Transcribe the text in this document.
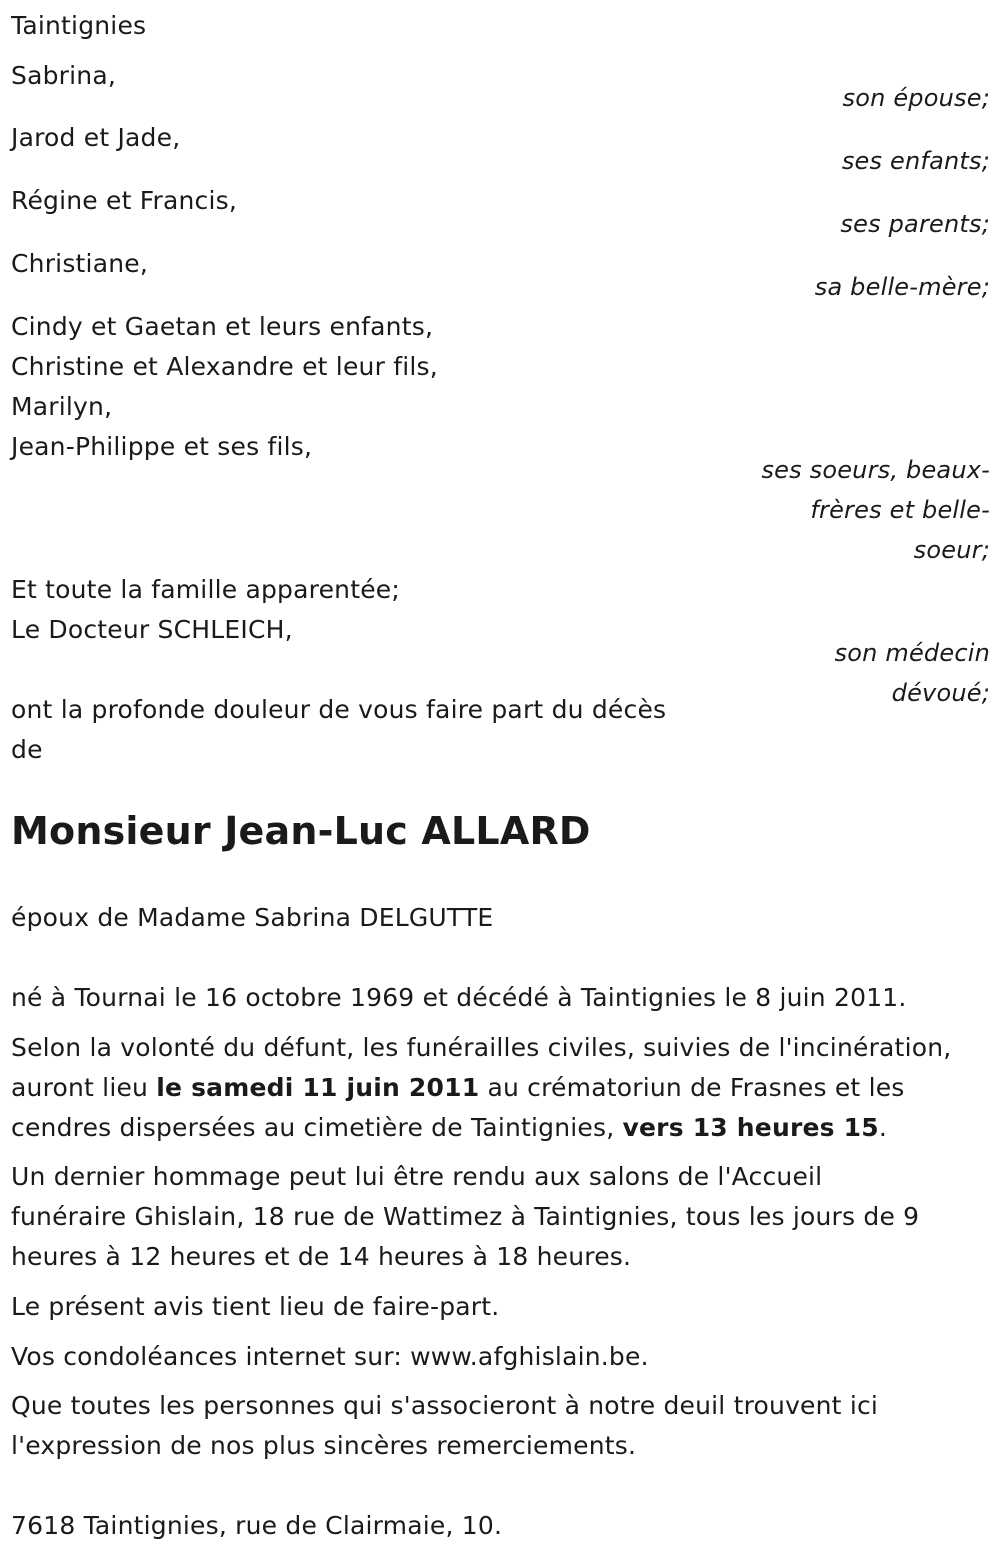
Taintignies
Sabrina,
son épouse;
Jarod et Jade,
ses enfants;
Régine et Francis,
ses parents;
Christiane,
sa belle-mère;
Cindy et Gaetan et leurs enfants,
Christine et Alexandre et leur fils,
Marilyn,
Jean-Philippe et ses fils,
ses soeurs, beaux-
frères et belle-
soeur;
Et toute la famille apparentée;
Le Docteur SCHLEICH,
son médecin
dévoué;
ont la profonde douleur de vous faire part du décès
de
Monsieur Jean-Luc ALLARD
époux de Madame Sabrina DELGUTTE
né à Tournai le 16 octobre 1969 et décédé à Taintignies le 8 juin 2011.
Selon la volonté du défunt, les funérailles civiles, suivies de l'incinération,
auront lieu le samedi 11 juin 2011 au crématoriun de Frasnes et les
cendres dispersées au cimetière de Taintignies, vers 13 heures 15.
Un dernier hommage peut lui être rendu aux salons de l'Accueil
funéraire Ghislain, 18 rue de Wattimez à Taintignies, tous les jours de 9
heures à 12 heures et de 14 heures à 18 heures.
Le présent avis tient lieu de faire-part.
Vos condoléances internet sur: www.afghislain.be.
Que toutes les personnes qui s'associeront à notre deuil trouvent ici
l'expression de nos plus sincères remerciements.
7618 Taintignies, rue de Clairmaie, 10.
